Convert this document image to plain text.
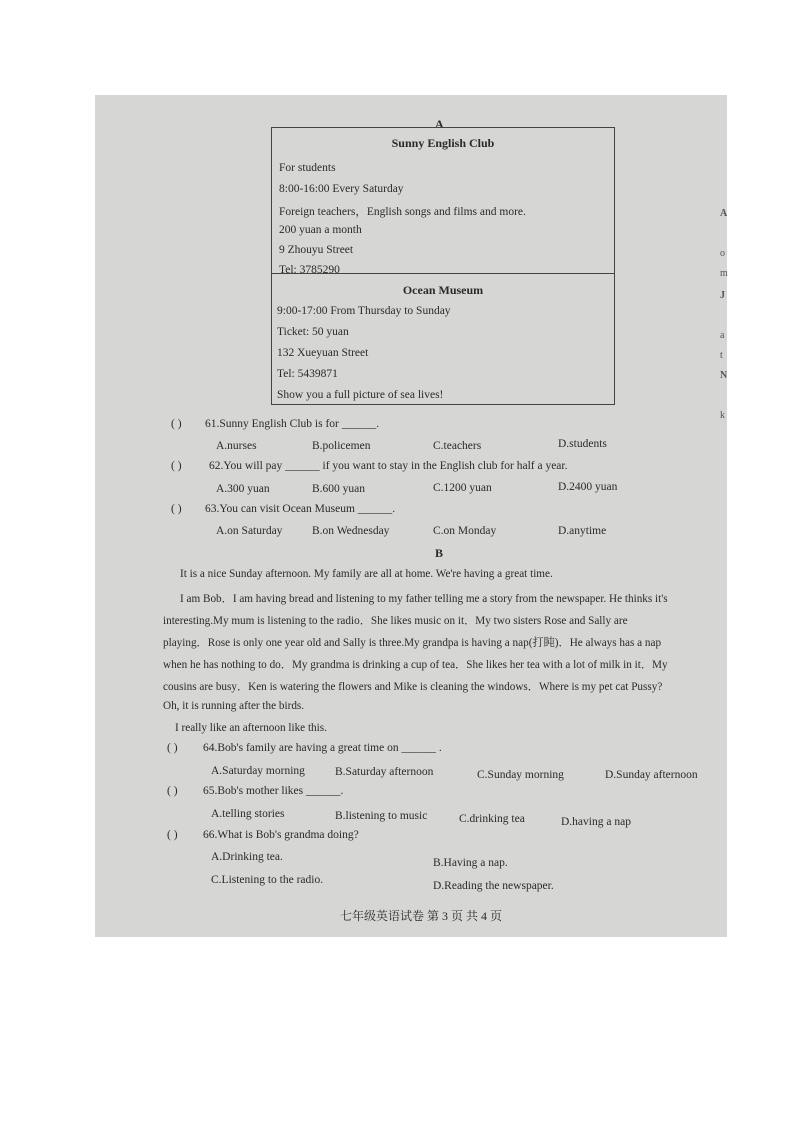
A
Sunny English Club
For students
8:00-16:00 Every Saturday
Foreign teachers，English songs and films and more.
200 yuan a month
9 Zhouyu Street
Tel: 3785290
Ocean Museum
9:00-17:00 From Thursday to Sunday
Ticket: 50 yuan
132 Xueyuan Street
Tel: 5439871
Show you a full picture of sea lives!
( ) 61.Sunny English Club is for ______.
A.nurses	B.policemen	C.teachers	D.students
( ) 62.You will pay ______ if you want to stay in the English club for half a year.
A.300 yuan	B.600 yuan	C.1200 yuan	D.2400 yuan
( ) 63.You can visit Ocean Museum ______.
A.on Saturday	B.on Wednesday	C.on Monday	D.anytime
B
It is a nice Sunday afternoon. My family are all at home. We're having a great time.
I am Bob．I am having bread and listening to my father telling me a story from the newspaper. He thinks it's
interesting.My mum is listening to the radio．She likes music on it．My two sisters Rose and Sally are
playing．Rose is only one year old and Sally is three.My grandpa is having a nap(打盹)．He always has a nap
when he has nothing to do．My grandma is drinking a cup of tea．She likes her tea with a lot of milk in it．My
cousins are busy．Ken is watering the flowers and Mike is cleaning the windows．Where is my pet cat Pussy?
Oh, it is running after the birds.
I really like an afternoon like this.
( ) 64.Bob's family are having a great time on ______ .
A.Saturday morning	B.Saturday afternoon	C.Sunday morning	D.Sunday afternoon
( ) 65.Bob's mother likes ______.
A.telling stories	B.listening to music	C.drinking tea	D.having a nap
( ) 66.What is Bob's grandma doing?
A.Drinking tea.	B.Having a nap.
C.Listening to the radio.	D.Reading the newspaper.
七年级英语试卷 第 3 页 共 4 页
A
o
m
J
a
t
N
k
